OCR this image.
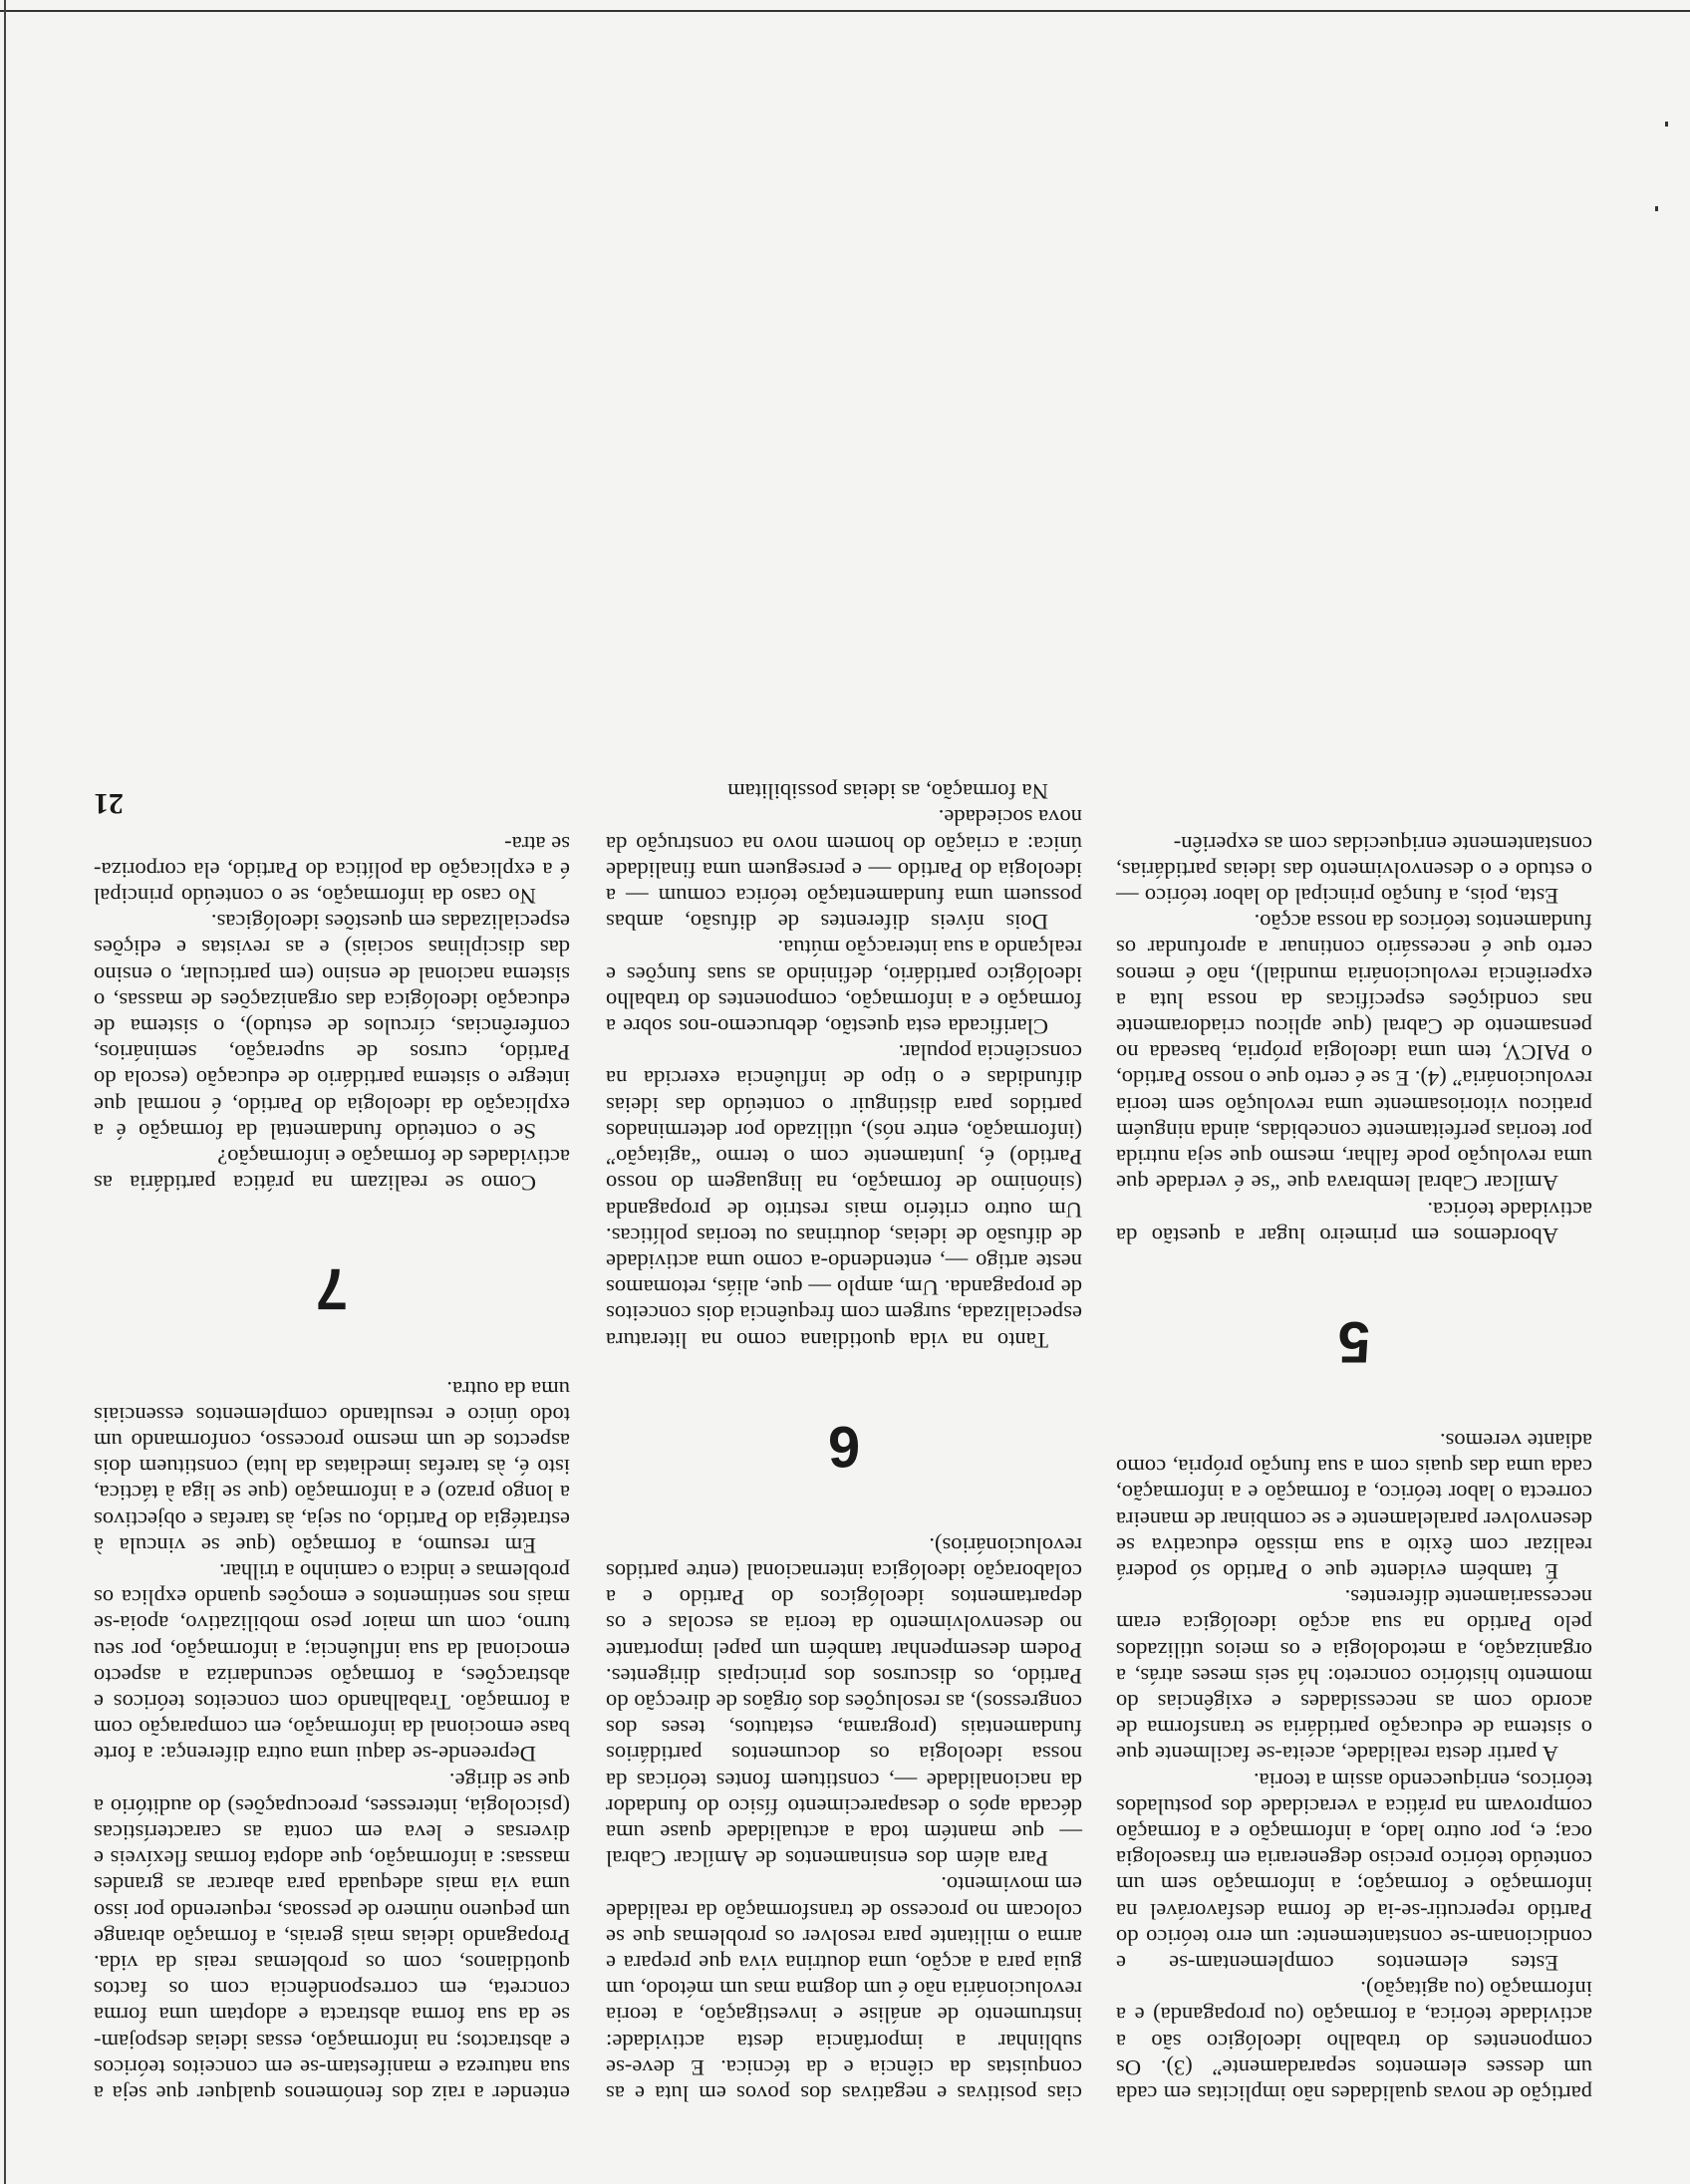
partição de novas qualidades não implicitas em cada um desses elementos separadamente” (3). Os componentes do trabalho ideológico são a actividade teórica, a formação (ou propaganda) e a informação (ou agitação).

Estes elementos complementam-se e condicionam-se constantemente: um erro teórico do Partido repercutir-se-ia de forma desfavorável na informação e formação; a informação sem um conteúdo teórico preciso degeneraria em fraseologia oca; e, por outro lado, a informação e a formação comprovam na prática a veracidade dos postulados teóricos, enriquecendo assim a teoria.

A partir desta realidade, aceita-se facilmente que o sistema de educação partidária se transforma de acordo com as necessidades e exigências do momento histórico concreto: há seis meses atrás, a organização, a metodologia e os meios utilizados pelo Partido na sua acção ideológica eram necessariamente diferentes.

É também evidente que o Partido só poderá realizar com êxito a sua missão educativa se desenvolver paralelamente e se combinar de maneira correcta o labor teórico, a formação e a informação, cada uma das quais com a sua função própria, como adiante veremos.

5

Abordemos em primeiro lugar a questão da actividade teórica.

Amílcar Cabral lembrava que “se é verdade que uma revolução pode falhar, mesmo que seja nutrida por teorias perfeitamente concebidas, ainda ninguém praticou vitoriosamente uma revolução sem teoria revolucionária” (4). E se é certo que o nosso Partido, o PAICV, tem uma ideologia própria, baseada no pensamento de Cabral (que aplicou criadoramente nas condições específicas da nossa luta a experiência revolucionária mundial), não é menos certo que é necessário continuar a aprofundar os fundamentos teóricos da nossa acção.

Esta, pois, a função principal do labor teórico — o estudo e o desenvolvimento das ideias partidárias, constantemente enriquecidas com as experiên-

cias positivas e negativas dos povos em luta e as conquistas da ciência e da técnica. E deve-se sublinhar a importância desta actividade: instrumento de análise e investigação, a teoria revolucionária não é um dogma mas um método, um guia para a acção, uma doutrina viva que prepara e arma o militante para resolver os problemas que se colocam no processo de transformação da realidade em movimento.

Para além dos ensinamentos de Amílcar Cabral — que mantém toda a actualidade quase uma década após o desaparecimento físico do fundador da nacionalidade —, constituem fontes teóricas da nossa ideologia os documentos partidários fundamentais (programa, estatutos, teses dos congressos), as resoluções dos órgãos de direcção do Partido, os discursos dos principais dirigentes. Podem desempenhar também um papel importante no desenvolvimento da teoria as escolas e os departamentos ideológicos do Partido e a colaboração ideológica internacional (entre partidos revolucionários).

6

Tanto na vida quotidiana como na literatura especializada, surgem com frequência dois conceitos de propaganda. Um, amplo — que, aliás, retomamos neste artigo —, entendendo-a como uma actividade de difusão de ideias, doutrinas ou teorias políticas. Um outro critério mais restrito de propaganda (sinónimo de formação, na linguagem do nosso Partido) é, juntamente com o termo “agitação” (informação, entre nós), utilizado por determinados partidos para distinguir o conteúdo das ideias difundidas e o tipo de influência exercida na consciência popular.

Clarificada esta questão, debrucemo-nos sobre a formação e a informação, componentes do trabalho ideológico partidário, definindo as suas funções e realçando a sua interacção mútua.

Dois níveis diferentes de difusão, ambas possuem uma fundamentação teórica comum — a ideologia do Partido — e perseguem uma finalidade única: a criação do homem novo na construção da nova sociedade.

Na formação, as ideias possibilitam

entender a raiz dos fenómenos qualquer que seja a sua natureza e manifestam-se em conceitos teóricos e abstractos; na informação, essas ideias despojam-se da sua forma abstracta e adoptam uma forma concreta, em correspondência com os factos quotidianos, com os problemas reais da vida. Propagando ideias mais gerais, a formação abrange um pequeno número de pessoas, requerendo por isso uma via mais adequada para abarcar as grandes massas: a informação, que adopta formas flexíveis e diversas e leva em conta as características (psicologia, interesses, preocupações) do auditório a que se dirige.

Depreende-se daqui uma outra diferença: a forte base emocional da informação, em comparação com a formação. Trabalhando com conceitos teóricos e abstracções, a formação secundariza a aspecto emocional da sua influência; a informação, por seu turno, com um maior peso mobilizativo, apoia-se mais nos sentimentos e emoções quando explica os problemas e indica o caminho a trilhar.

Em resumo, a formação (que se vincula à estratégia do Partido, ou seja, às tarefas e objectivos a longo prazo) e a informação (que se liga à táctica, isto é, às tarefas imediatas da luta) constituem dois aspectos de um mesmo processo, conformando um todo único e resultando complementos essenciais uma da outra.

7

Como se realizam na prática partidária as actividades de formação e informação?

Se o conteúdo fundamental da formação é a explicação da ideologia do Partido, é normal que integre o sistema partidário de educação (escola do Partido, cursos de superação, seminários, conferências, círculos de estudo), o sistema de educação ideológica das organizações de massas, o sistema nacional de ensino (em particular, o ensino das disciplinas sociais) e as revistas e edições especializadas em questões ideológicas.

No caso da informação, se o conteúdo principal é a explicação da política do Partido, ela corporiza-se atra-

21
